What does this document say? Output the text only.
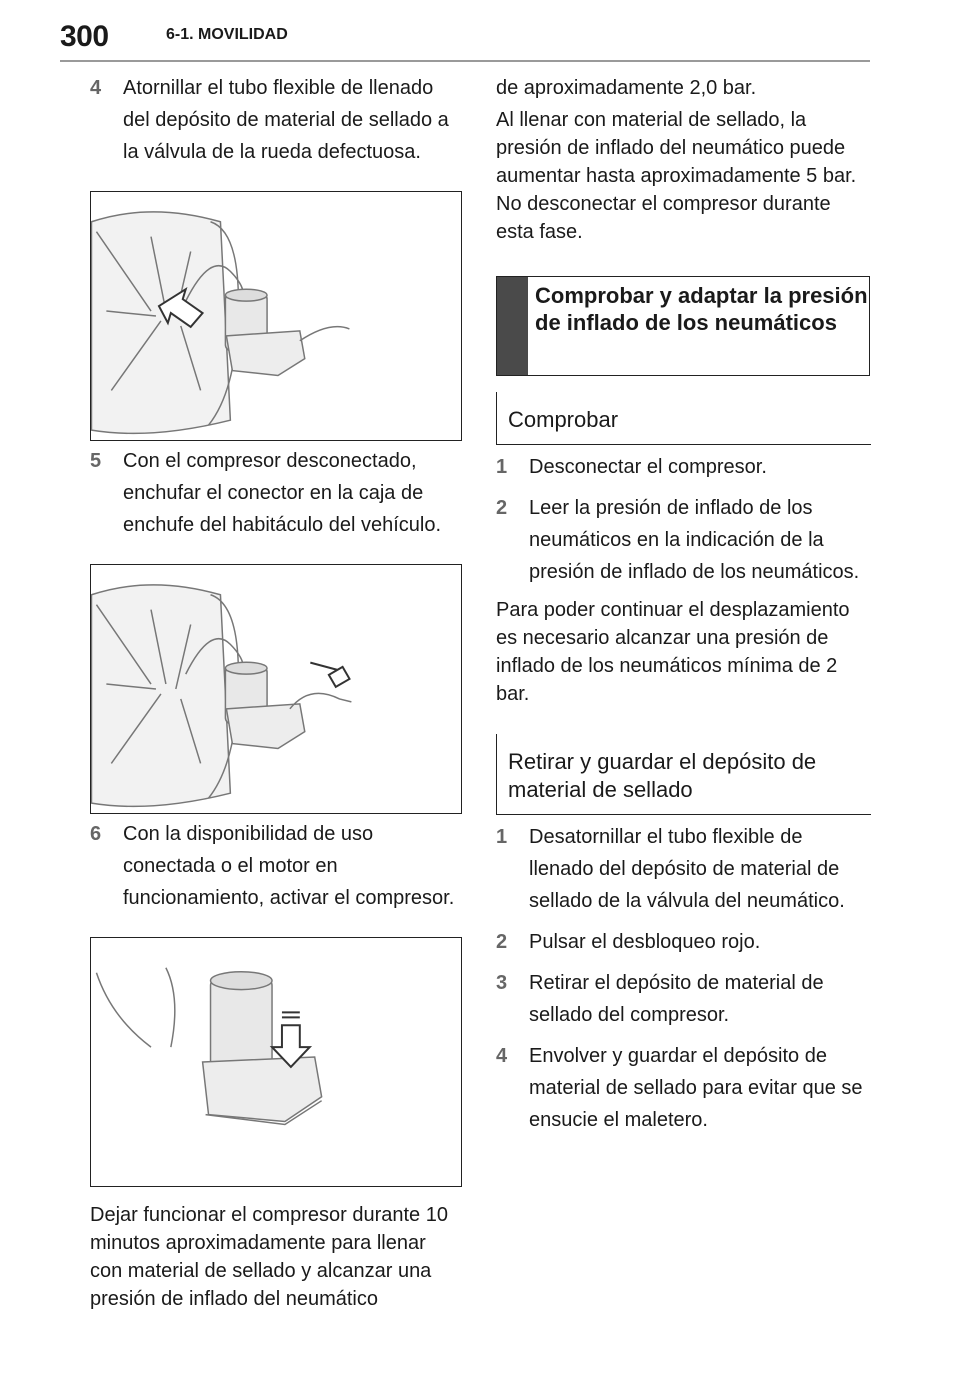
300	6-1. MOVILIDAD
4 Atornillar el tubo flexible de llenado del depósito de material de sellado a la válvula de la rueda defectuosa.
5 Con el compresor desconectado, enchufar el conector en la caja de enchufe del habitáculo del vehículo.
6 Con la disponibilidad de uso conectada o el motor en funcionamiento, activar el compresor.
Dejar funcionar el compresor durante 10 minutos aproximadamente para llenar con material de sellado y alcanzar una presión de inflado del neumático
de aproximadamente 2,0 bar.
Al llenar con material de sellado, la presión de inflado del neumático puede aumentar hasta aproximadamente 5 bar. No desconectar el compresor durante esta fase.
Comprobar y adaptar la presión de inflado de los neumáticos
Comprobar
1 Desconectar el compresor.
2 Leer la presión de inflado de los neumáticos en la indicación de la presión de inflado de los neumáticos.
Para poder continuar el desplazamiento es necesario alcanzar una presión de inflado de los neumáticos mínima de 2 bar.
Retirar y guardar el depósito de material de sellado
1 Desatornillar el tubo flexible de llenado del depósito de material de sellado de la válvula del neumático.
2 Pulsar el desbloqueo rojo.
3 Retirar el depósito de material de sellado del compresor.
4 Envolver y guardar el depósito de material de sellado para evitar que se ensucie el maletero.
